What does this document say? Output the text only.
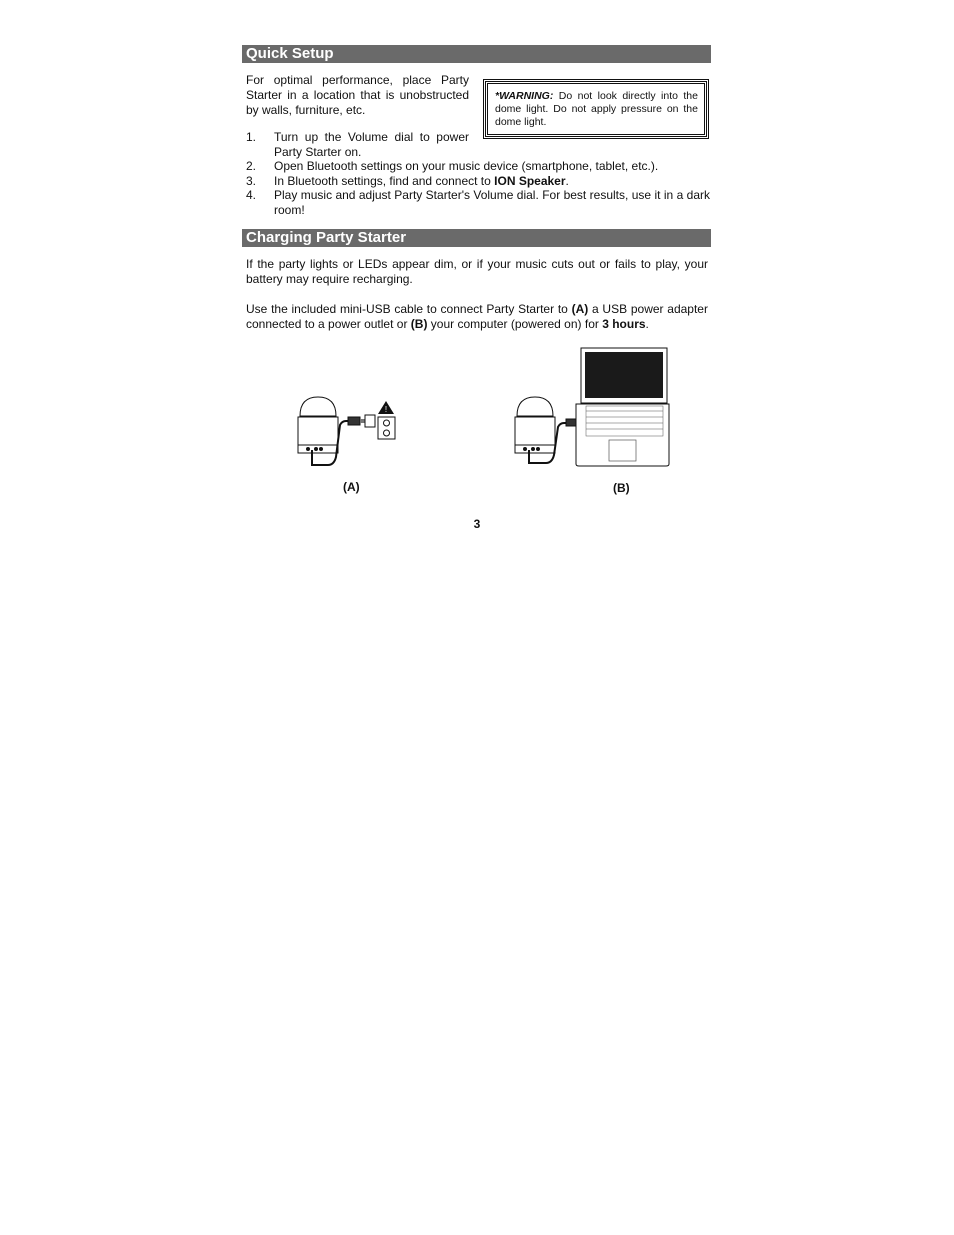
Quick Setup
For optimal performance, place Party Starter in a location that is unobstructed by walls, furniture, etc.
*WARNING: Do not look directly into the dome light. Do not apply pressure on the dome light.
1. Turn up the Volume dial to power Party Starter on.
2. Open Bluetooth settings on your music device (smartphone, tablet, etc.).
3. In Bluetooth settings, find and connect to ION Speaker.
4. Play music and adjust Party Starter's Volume dial. For best results, use it in a dark room!
Charging Party Starter
If the party lights or LEDs appear dim, or if your music cuts out or fails to play, your battery may require recharging.
Use the included mini-USB cable to connect Party Starter to (A) a USB power adapter connected to a power outlet or (B) your computer (powered on) for 3 hours.
!
(A)	(B)
3
